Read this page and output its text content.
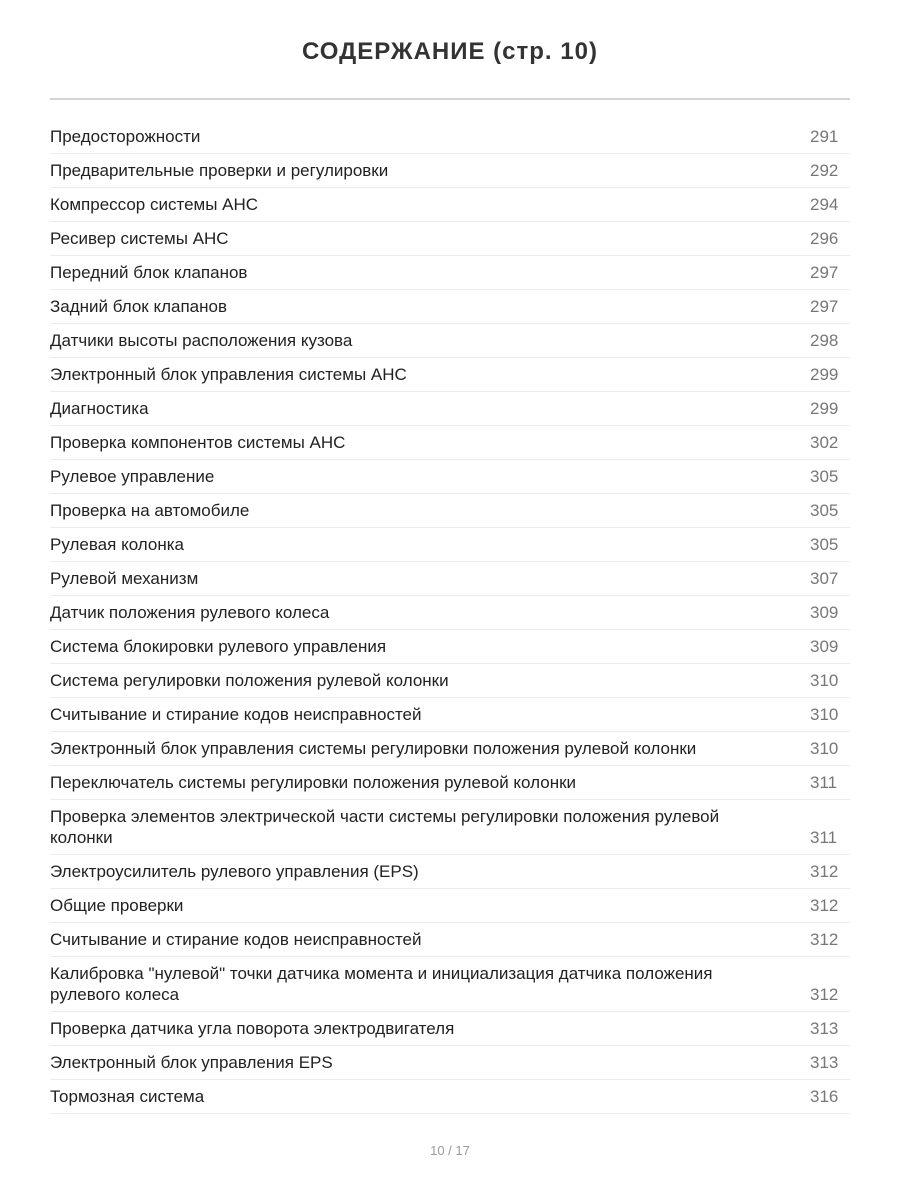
СОДЕРЖАНИЕ (стр. 10)
Предосторожности	291
Предварительные проверки и регулировки	292
Компрессор системы АНС	294
Ресивер системы АНС	296
Передний блок клапанов	297
Задний блок клапанов	297
Датчики высоты расположения кузова	298
Электронный блок управления системы АНС	299
Диагностика	299
Проверка компонентов системы АНС	302
Рулевое управление	305
Проверка на автомобиле	305
Рулевая колонка	305
Рулевой механизм	307
Датчик положения рулевого колеса	309
Система блокировки рулевого управления	309
Система регулировки положения рулевой колонки	310
Считывание и стирание кодов неисправностей	310
Электронный блок управления системы регулировки положения рулевой колонки	310
Переключатель системы регулировки положения рулевой колонки	311
Проверка элементов электрической части системы регулировки положения рулевой колонки	311
Электроусилитель рулевого управления (EPS)	312
Общие проверки	312
Считывание и стирание кодов неисправностей	312
Калибровка "нулевой" точки датчика момента и инициализация датчика положения рулевого колеса	312
Проверка датчика угла поворота электродвигателя	313
Электронный блок управления EPS	313
Тормозная система	316
10 / 17
